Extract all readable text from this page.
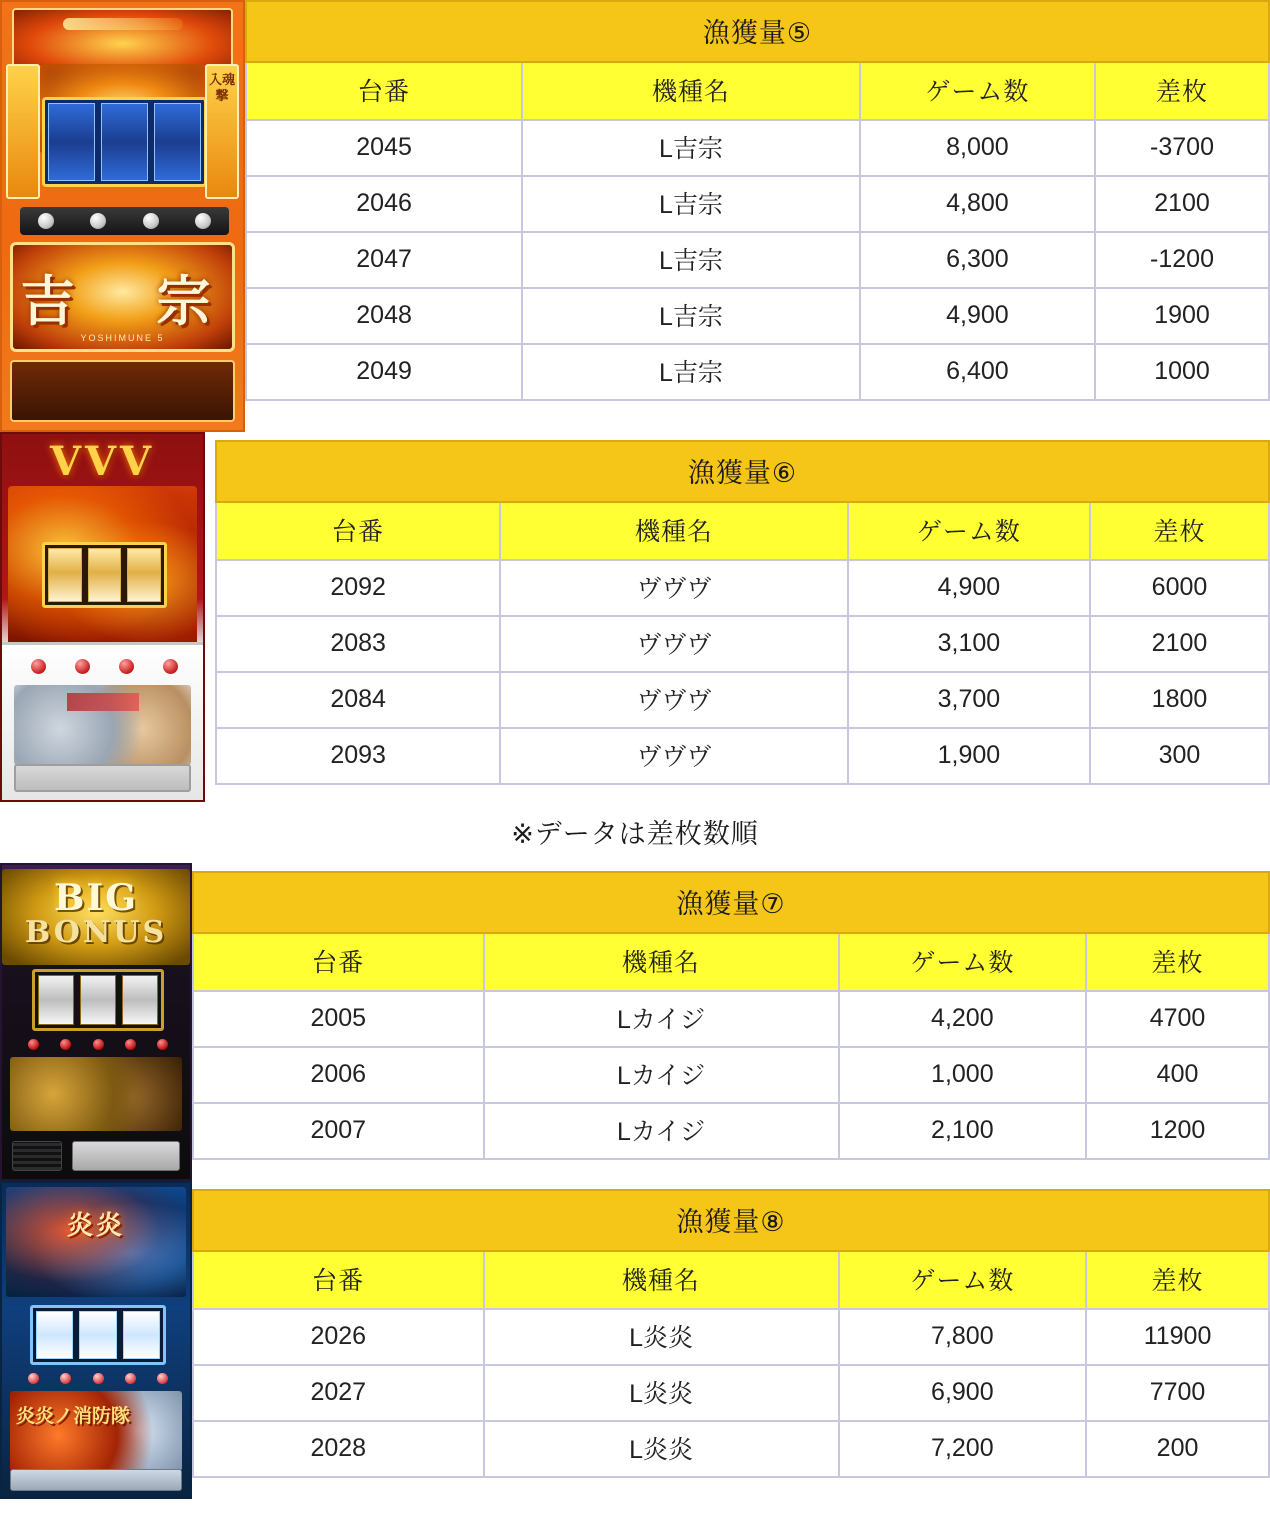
入魂撃
吉　宗
YOSHIMUNE 5
漁獲量⑤			
台番	機種名	ゲーム数	差枚
2045	L吉宗	8,000	-3700
2046	L吉宗	4,800	2100
2047	L吉宗	6,300	-1200
2048	L吉宗	4,900	1900
2049	L吉宗	6,400	1000
VVV	漁獲量⑥			
台番	機種名	ゲーム数	差枚
2092	ヴヴヴ	4,900	6000
2083	ヴヴヴ	3,100	2100
2084	ヴヴヴ	3,700	1800
2093	ヴヴヴ	1,900	300
※データは差枚数順
BIG
BONUS
漁獲量⑦			
台番	機種名	ゲーム数	差枚
2005	Lカイジ	4,200	4700
2006	Lカイジ	1,000	400
2007	Lカイジ	2,100	1200
炎炎
炎炎ノ消防隊
漁獲量⑧			
台番	機種名	ゲーム数	差枚
2026	L炎炎	7,800	11900
2027	L炎炎	6,900	7700
2028	L炎炎	7,200	200
